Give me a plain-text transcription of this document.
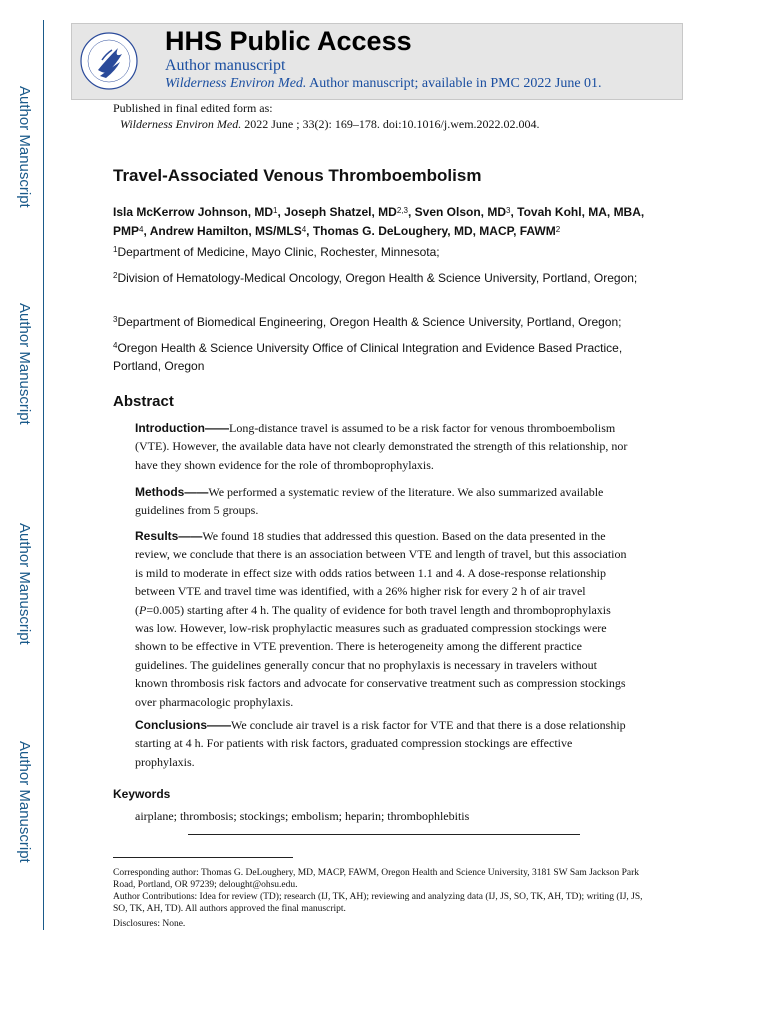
Author Manuscript
Author Manuscript
Author Manuscript
Author Manuscript
HHS Public Access
Author manuscript
Wilderness Environ Med. Author manuscript; available in PMC 2022 June 01.
Published in final edited form as:
Wilderness Environ Med. 2022 June ; 33(2): 169–178. doi:10.1016/j.wem.2022.02.004.
Travel-Associated Venous Thromboembolism
Isla McKerrow Johnson, $MD^1$, Joseph Shatzel, MD$^{2,3}$, Sven Olson, $MD^3$, Tovah Kohl, MA, MBA, PMP$^4$, Andrew Hamilton, MS/MLS$^4$, Thomas G. DeLoughery, MD, MACP, FAWM$^2$
$^1$Department of Medicine, Mayo Clinic, Rochester, Minnesota;
$^2$Division of Hematology-Medical Oncology, Oregon Health & Science University, Portland, Oregon;
$^3$Department of Biomedical Engineering, Oregon Health & Science University, Portland, Oregon;
$^4$Oregon Health & Science University Office of Clinical Integration and Evidence Based Practice, Portland, Oregon
Abstract
Introduction——Long-distance travel is assumed to be a risk factor for venous thromboembolism (VTE). However, the available data have not clearly demonstrated the strength of this relationship, nor have they shown evidence for the role of thromboprophylaxis.
Methods——We performed a systematic review of the literature. We also summarized available guidelines from 5 groups.
Results——We found 18 studies that addressed this question. Based on the data presented in the review, we conclude that there is an association between VTE and length of travel, but this association is mild to moderate in effect size with odds ratios between 1.1 and 4. A dose-response relationship between VTE and travel time was identified, with a 26% higher risk for every 2 h of air travel (P=0.005) starting after 4 h. The quality of evidence for both travel length and thromboprophylaxis was low. However, low-risk prophylactic measures such as graduated compression stockings were shown to be effective in VTE prevention. There is heterogeneity among the different practice guidelines. The guidelines generally concur that no prophylaxis is necessary in travelers without known thrombosis risk factors and advocate for conservative treatment such as compression stockings over pharmacologic prophylaxis.
Conclusions——We conclude air travel is a risk factor for VTE and that there is a dose relationship starting at 4 h. For patients with risk factors, graduated compression stockings are effective prophylaxis.
Keywords
airplane; thrombosis; stockings; embolism; heparin; thrombophlebitis
Corresponding author: Thomas G. DeLoughery, MD, MACP, FAWM, Oregon Health and Science University, 3181 SW Sam Jackson Park Road, Portland, OR 97239; delought@ohsu.edu.
Author Contributions: Idea for review (TD); research (IJ, TK, AH); reviewing and analyzing data (IJ, JS, SO, TK, AH, TD); writing (IJ, JS, SO, TK, AH, TD). All authors approved the final manuscript.
Disclosures: None.
